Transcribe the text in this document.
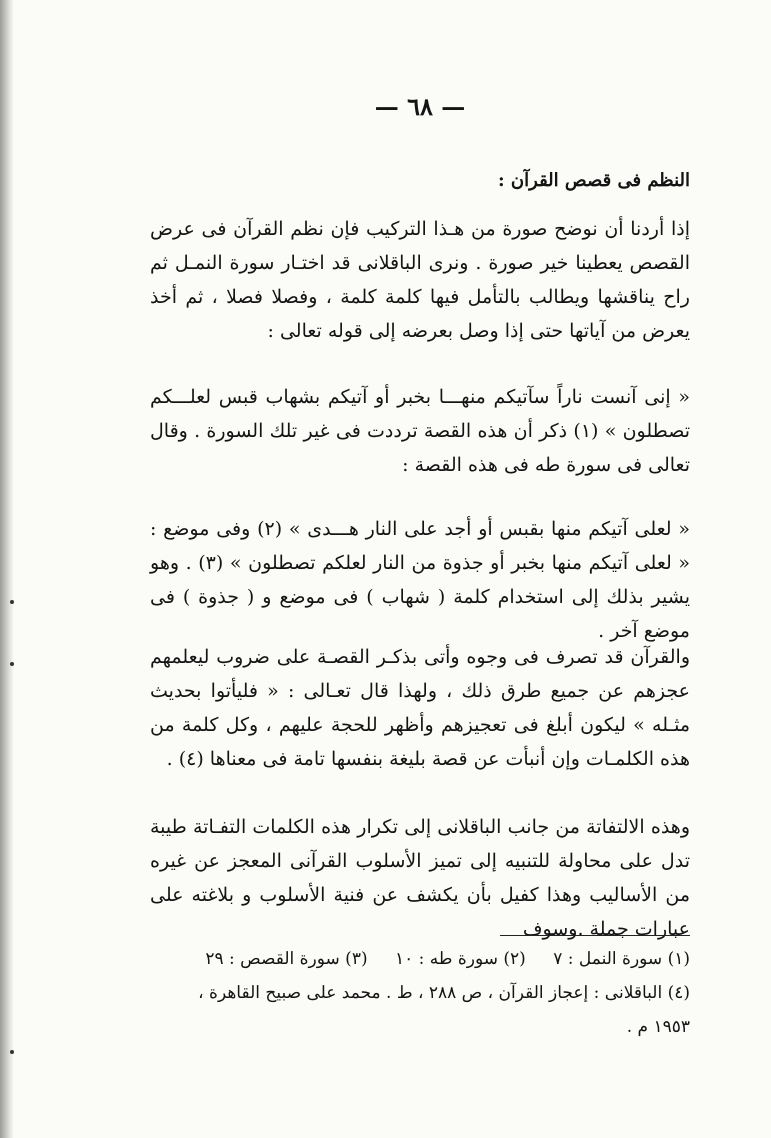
— ٦٨ —
النظم فى قصص القرآن :

إذا أردنا أن نوضح صورة من هـذا التركيب فإن نظم القرآن فى عرض القصص يعطينا خير صورة . ونرى الباقلانى قد اختـار سورة النمـل ثم راح يناقشها ويطالب بالتأمل فيها كلمة كلمة ، وفصلا فصلا ، ثم أخذ يعرض من آياتها حتى إذا وصل بعرضه إلى قوله تعالى :

« إنى آنست ناراً سآتيكم منهـــا بخبر أو آتيكم بشهاب قبس لعلـــكم تصطلون » (١) ذكر أن هذه القصة ترددت فى غير تلك السورة . وقال تعالى فى سورة طه فى هذه القصة :

« لعلى آتيكم منها بقبس أو أجد على النار هـــدى » (٢) وفى موضع : « لعلى آتيكم منها بخبر أو جذوة من النار لعلكم تصطلون » (٣) . وهو يشير بذلك إلى استخدام كلمة ( شهاب ) فى موضع و ( جذوة ) فى موضع آخر .

والقرآن قد تصرف فى وجوه وأتى بذكـر القصـة على ضروب ليعلمهم عجزهم عن جميع طرق ذلك ، ولهذا قال تعـالى : « فليأتوا بحديث مثـله » ليكون أبلغ فى تعجيزهم وأظهر للحجة عليهم ، وكل كلمة من هذه الكلمـات وإن أنبأت عن قصة بليغة بنفسها تامة فى معناها (٤) .

وهذه الالتفاتة من جانب الباقلانى إلى تكرار هذه الكلمات التفـاتة طيبة تدل على محاولة للتنبيه إلى تميز الأسلوب القرآنى المعجز عن غيره من الأساليب وهذا كفيل بأن يكشف عن فنية الأسلوب و بلاغته على عبارات جملة .وسوف

(١) سورة النمل : ٧ (٢) سورة طه : ١٠ (٣) سورة القصص : ٢٩
(٤) الباقلانى : إعجاز القرآن ، ص ٢٨٨ ، ط . محمد على صبيح القاهرة ،
١٩٥٣ م .
